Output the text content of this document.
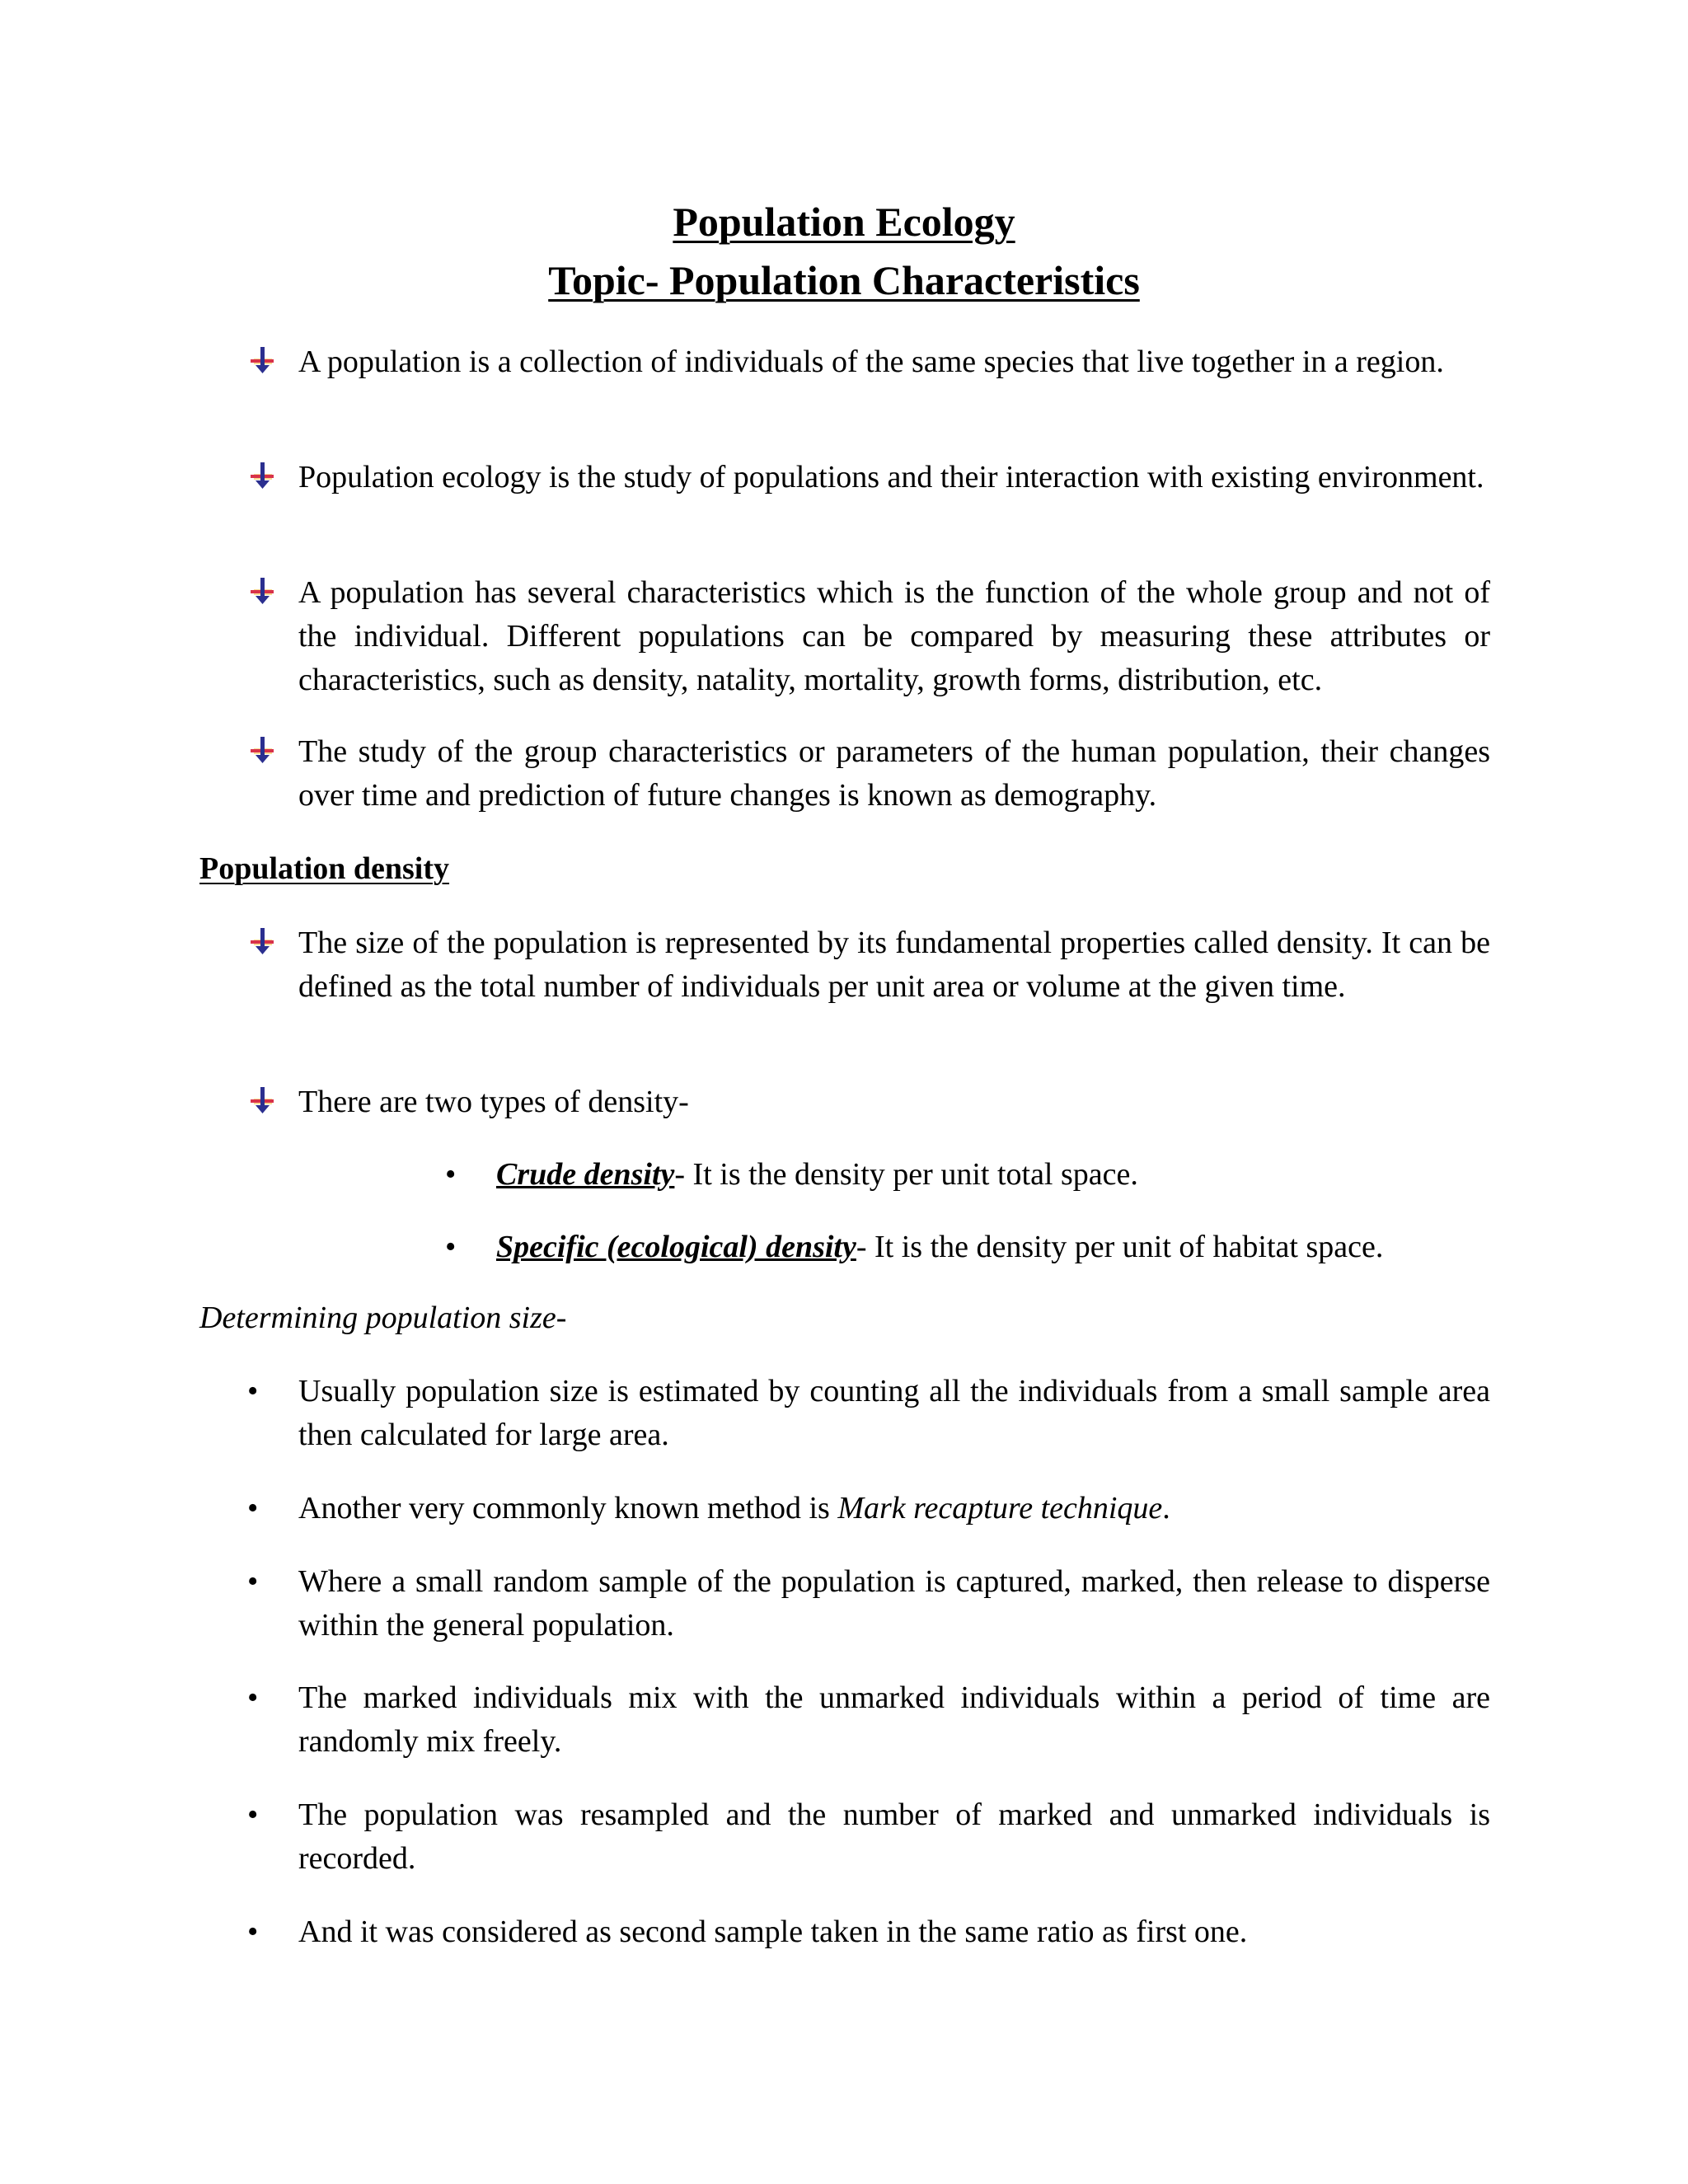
Population Ecology
Topic- Population Characteristics
A population is a collection of individuals of the same species that live together in a region.
Population ecology is the study of populations and their interaction with existing environment.
A population has several characteristics which is the function of the whole group and not of the individual. Different populations can be compared by measuring these attributes or characteristics, such as density, natality, mortality, growth forms, distribution, etc.
The study of the group characteristics or parameters of the human population, their changes over time and prediction of future changes is known as demography.
Population density
The size of the population is represented by its fundamental properties called density. It can be defined as the total number of individuals per unit area or volume at the given time.
There are two types of density-
• Crude density- It is the density per unit total space.
• Specific (ecological) density- It is the density per unit of habitat space.
Determining population size-
• Usually population size is estimated by counting all the individuals from a small sample area then calculated for large area.
• Another very commonly known method is Mark recapture technique.
• Where a small random sample of the population is captured, marked, then release to disperse within the general population.
• The marked individuals mix with the unmarked individuals within a period of time are randomly mix freely.
• The population was resampled and the number of marked and unmarked individuals is recorded.
• And it was considered as second sample taken in the same ratio as first one.
